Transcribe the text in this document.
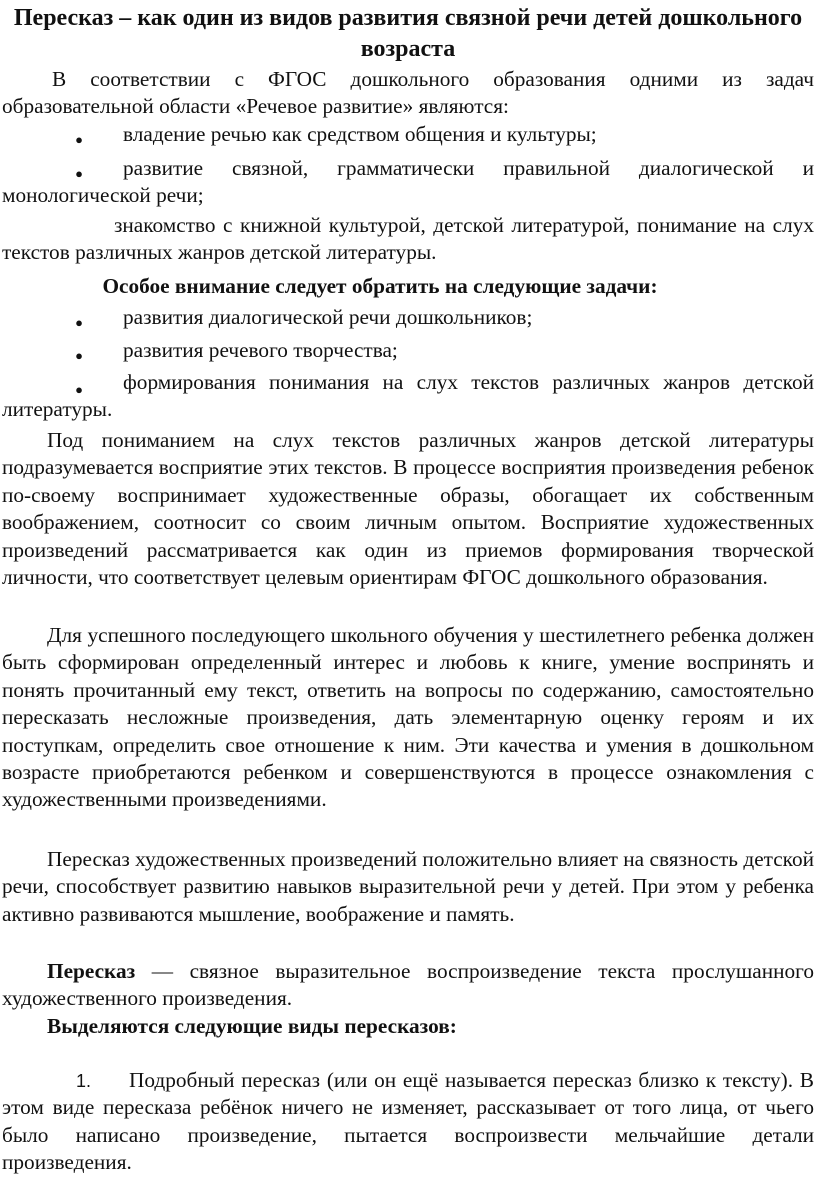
Пересказ – как один из видов развития связной речи детей дошкольного возраста

В соответствии с ФГОС дошкольного образования одними из задач образовательной области «Речевое развитие» являются:

●	владение речью как средством общения и культуры;

●	развитие связной, грамматически правильной диалогической и монологической речи;

знакомство с книжной культурой, детской литературой, понимание на слух текстов различных жанров детской литературы.

Особое внимание следует обратить на следующие задачи:

●	развития диалогической речи дошкольников;

●	развития речевого творчества;

●	формирования понимания на слух текстов различных жанров детской литературы.

Под пониманием на слух текстов различных жанров детской литературы подразумевается восприятие этих текстов. В процессе восприятия произведения ребенок по-своему воспринимает художественные образы, обогащает их собственным воображением, соотносит со своим личным опытом. Восприятие художественных произведений рассматривается как один из приемов формирования творческой личности, что соответствует целевым ориентирам ФГОС дошкольного образования.

Для успешного последующего школьного обучения у шестилетнего ребенка должен быть сформирован определенный интерес и любовь к книге, умение воспринять и понять прочитанный ему текст, ответить на вопросы по содержанию, самостоятельно пересказать несложные произведения, дать элементарную оценку героям и их поступкам, определить свое отношение к ним. Эти качества и умения в дошкольном возрасте приобретаются ребенком и совершенствуются в процессе ознакомления с художественными произведениями.

Пересказ художественных произведений положительно влияет на связность детской речи, способствует развитию навыков выразительной речи у детей. При этом у ребенка активно развиваются мышление, воображение и память.

Пересказ — связное выразительное воспроизведение текста прослушанного художественного произведения.

Выделяются следующие виды пересказов:

1.	Подробный пересказ (или он ещё называется пересказ близко к тексту). В этом виде пересказа ребёнок ничего не изменяет, рассказывает от того лица, от чьего было написано произведение, пытается воспроизвести мельчайшие детали произведения.
